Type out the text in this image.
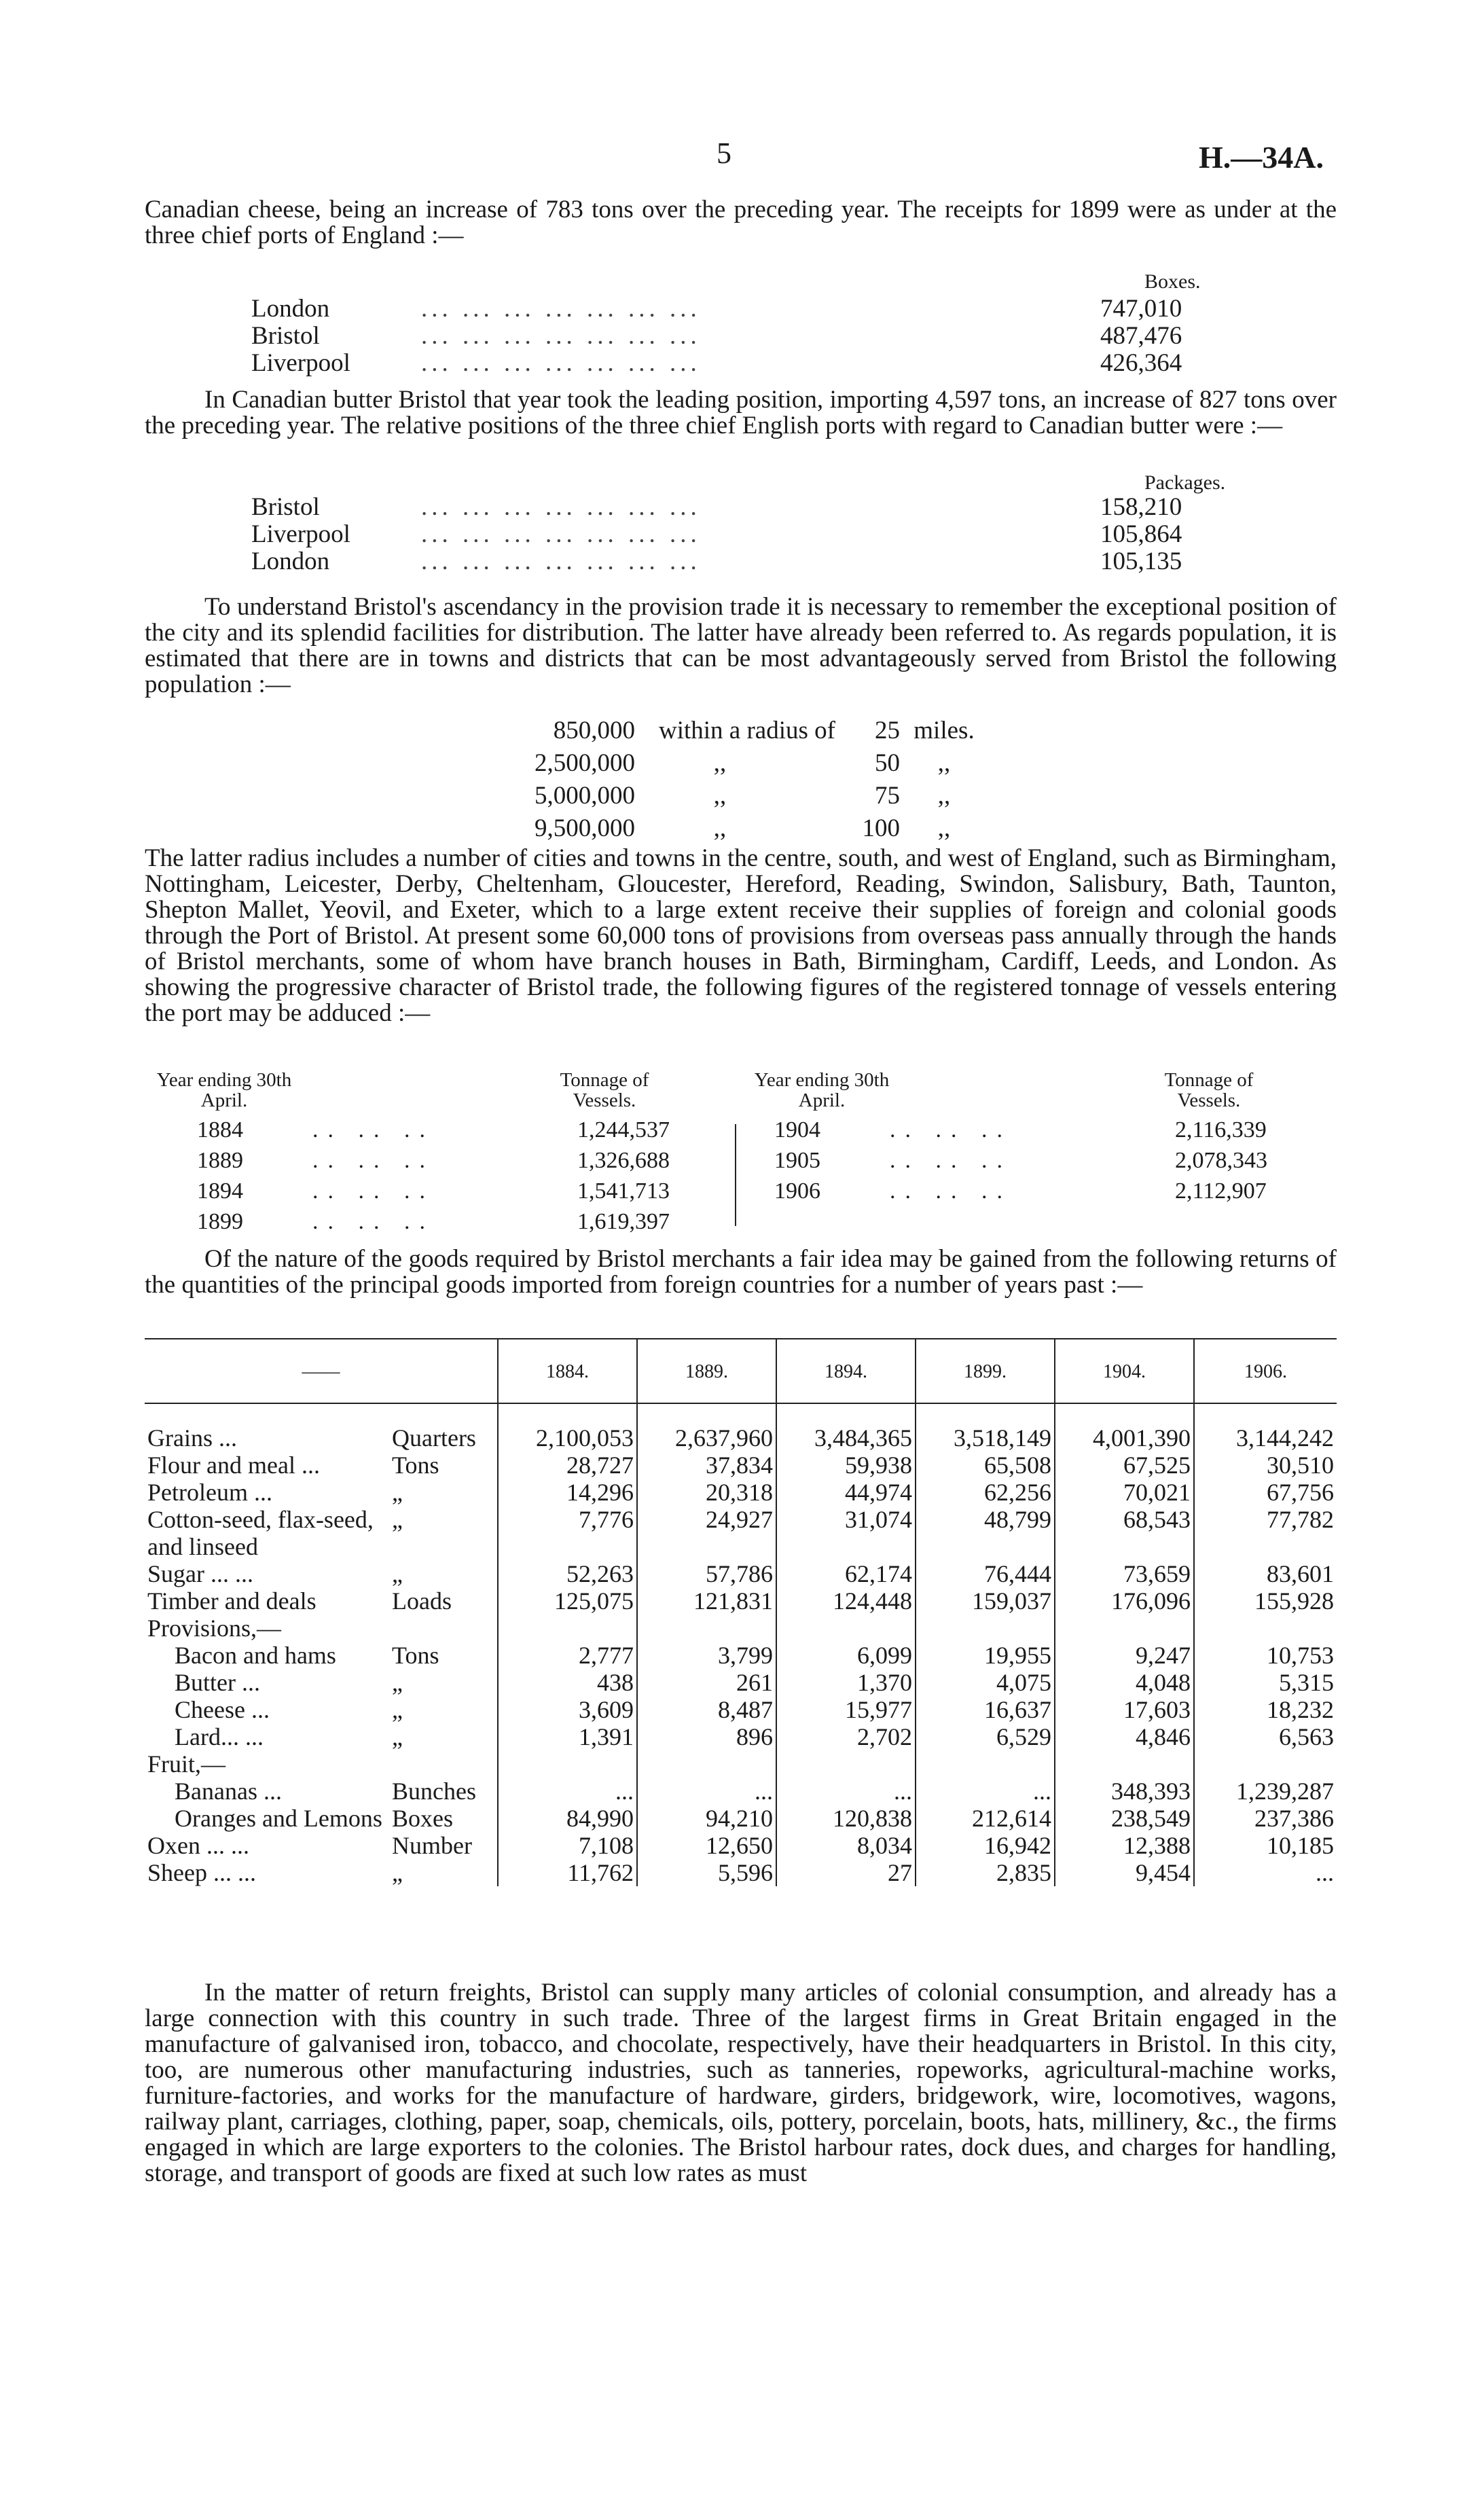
5	H.—34A.

Canadian cheese, being an increase of 783 tons over the preceding year. The receipts for 1899 were as under at the three chief ports of England :—

Boxes.
London	... ... ... ... ... ... ...	747,010
Bristol	... ... ... ... ... ... ...	487,476
Liverpool	... ... ... ... ... ... ...	426,364

In Canadian butter Bristol that year took the leading position, importing 4,597 tons, an increase of 827 tons over the preceding year. The relative positions of the three chief English ports with regard to Canadian butter were :—

Packages.
Bristol	... ... ... ... ... ... ...	158,210
Liverpool	... ... ... ... ... ... ...	105,864
London	... ... ... ... ... ... ...	105,135

To understand Bristol's ascendancy in the provision trade it is necessary to remember the exceptional position of the city and its splendid facilities for distribution. The latter have already been referred to. As regards population, it is estimated that there are in towns and districts that can be most advantageously served from Bristol the following population :—

850,000 within a radius of	25 miles.
2,500,000	,,	50	,,
5,000,000	,,	75	,,
9,500,000	,,	100	,,

The latter radius includes a number of cities and towns in the centre, south, and west of England, such as Birmingham, Nottingham, Leicester, Derby, Cheltenham, Gloucester, Hereford, Reading, Swindon, Salisbury, Bath, Taunton, Shepton Mallet, Yeovil, and Exeter, which to a large extent receive their supplies of foreign and colonial goods through the Port of Bristol. At present some 60,000 tons of provisions from overseas pass annually through the hands of Bristol merchants, some of whom have branch houses in Bath, Birmingham, Cardiff, Leeds, and London. As showing the progressive character of Bristol trade, the following figures of the registered tonnage of vessels entering the port may be adduced :—

Year ending 30th April.
Tonnage of Vessels.
1884	.. .. ..	1,244,537
1889	.. .. ..	1,326,688
1894	.. .. ..	1,541,713
1899	.. .. ..	1,619,397
Year ending 30th April.
Tonnage of Vessels.
1904	.. .. ..	2,116,339
1905	.. .. ..	2,078,343
1906	.. .. ..	2,112,907

Of the nature of the goods required by Bristol merchants a fair idea may be gained from the following returns of the quantities of the principal goods imported from foreign countries for a number of years past :—

——		1884.	1889.	1894.	1899.	1904.	1906.

Grains ...	Quarters	2,100,053	2,637,960	3,484,365	3,518,149	4,001,390	3,144,242
Flour and meal ...	Tons	28,727	37,834	59,938	65,508	67,525	30,510
Petroleum ...	„	14,296	20,318	44,974	62,256	70,021	67,756
Cotton-seed, flax-seed, and linseed	„	7,776	24,927	31,074	48,799	68,543	77,782
Sugar ... ...	„	52,263	57,786	62,174	76,444	73,659	83,601
Timber and deals	Loads	125,075	121,831	124,448	159,037	176,096	155,928
Provisions,—							
Bacon and hams	Tons	2,777	3,799	6,099	19,955	9,247	10,753
Butter ...	„	438	261	1,370	4,075	4,048	5,315
Cheese ...	„	3,609	8,487	15,977	16,637	17,603	18,232
Lard... ...	„	1,391	896	2,702	6,529	4,846	6,563
Fruit,—							
Bananas ...	Bunches	...	...	...	...	348,393	1,239,287
Oranges and Lemons	Boxes	84,990	94,210	120,838	212,614	238,549	237,386
Oxen ... ...	Number	7,108	12,650	8,034	16,942	12,388	10,185
Sheep ... ...	„	11,762	5,596	27	2,835	9,454	...

In the matter of return freights, Bristol can supply many articles of colonial consumption, and already has a large connection with this country in such trade. Three of the largest firms in Great Britain engaged in the manufacture of galvanised iron, tobacco, and chocolate, respectively, have their headquarters in Bristol. In this city, too, are numerous other manufacturing industries, such as tanneries, ropeworks, agricultural-machine works, furniture-factories, and works for the manufacture of hardware, girders, bridgework, wire, locomotives, wagons, railway plant, carriages, clothing, paper, soap, chemicals, oils, pottery, porcelain, boots, hats, millinery, &c., the firms engaged in which are large exporters to the colonies. The Bristol harbour rates, dock dues, and charges for handling, storage, and transport of goods are fixed at such low rates as must
